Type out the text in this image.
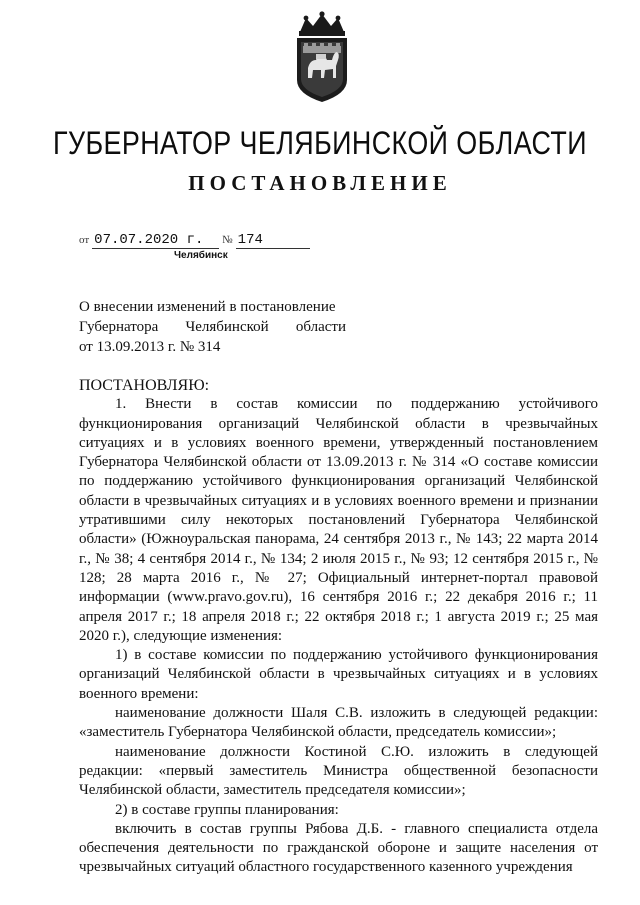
ГУБЕРНАТОР ЧЕЛЯБИНСКОЙ ОБЛАСТИ
ПОСТАНОВЛЕНИЕ
от 07.07.2020 г. № 174
Челябинск
О внесении изменений в постановление
Губернатора Челябинской области
от 13.09.2013 г. № 314

ПОСТАНОВЛЯЮ:

1. Внести в состав комиссии по поддержанию устойчивого функционирования организаций Челябинской области в чрезвычайных ситуациях и в условиях военного времени, утвержденный постановлением Губернатора Челябинской области от 13.09.2013 г. № 314 «О составе комиссии по поддержанию устойчивого функционирования организаций Челябинской области в чрезвычайных ситуациях и в условиях военного времени и признании утратившими силу некоторых постановлений Губернатора Челябинской области» (Южноуральская панорама, 24 сентября 2013 г., № 143; 22 марта 2014 г., № 38; 4 сентября 2014 г., № 134; 2 июля 2015 г., № 93; 12 сентября 2015 г., № 128; 28 марта 2016 г., № 27; Официальный интернет-портал правовой информации (www.pravo.gov.ru), 16 сентября 2016 г.; 22 декабря 2016 г.; 11 апреля 2017 г.; 18 апреля 2018 г.; 22 октября 2018 г.; 1 августа 2019 г.; 25 мая 2020 г.), следующие изменения:

1) в составе комиссии по поддержанию устойчивого функционирования организаций Челябинской области в чрезвычайных ситуациях и в условиях военного времени:

наименование должности Шаля С.В. изложить в следующей редакции: «заместитель Губернатора Челябинской области, председатель комиссии»;

наименование должности Костиной С.Ю. изложить в следующей редакции: «первый заместитель Министра общественной безопасности Челябинской области, заместитель председателя комиссии»;

2) в составе группы планирования:

включить в состав группы Рябова Д.Б. - главного специалиста отдела обеспечения деятельности по гражданской обороне и защите населения от чрезвычайных ситуаций областного государственного казенного учреждения
